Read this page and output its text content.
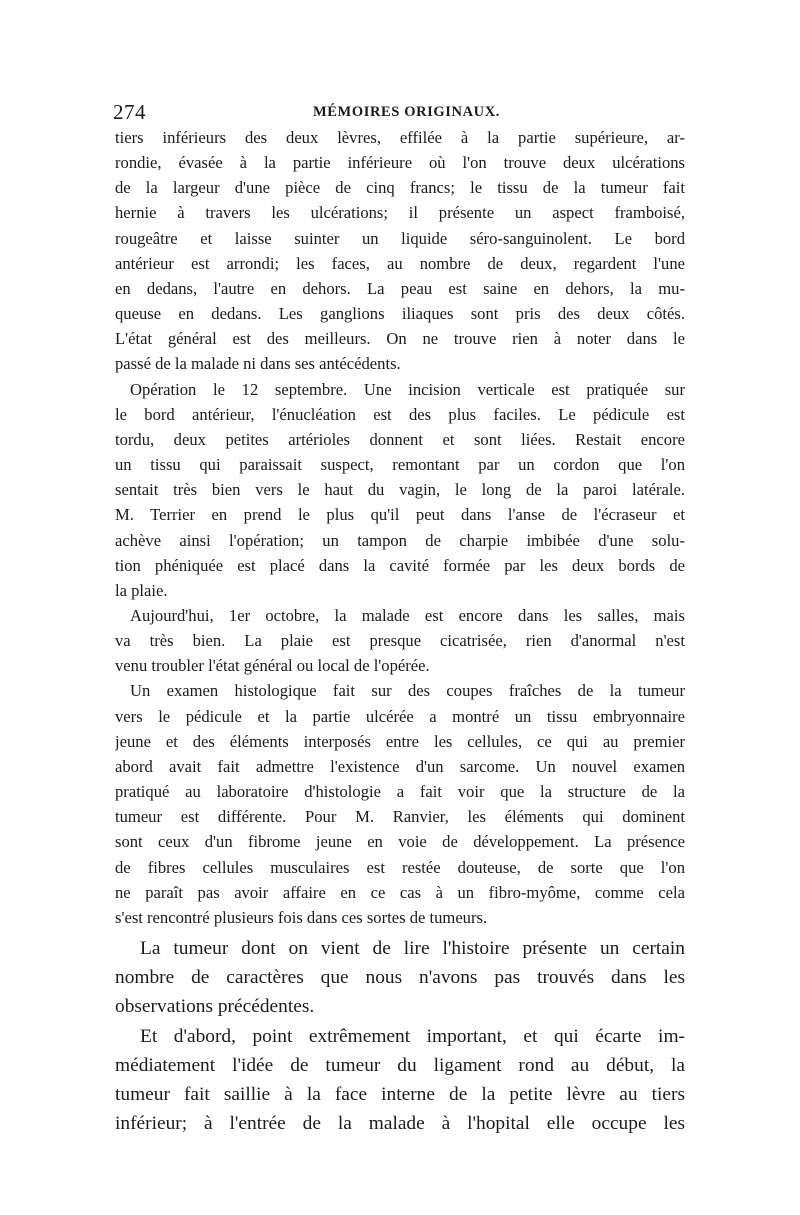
274	MÉMOIRES ORIGINAUX.
tiers inférieurs des deux lèvres, effilée à la partie supérieure, ar-
rondie, évasée à la partie inférieure où l'on trouve deux ulcérations
de la largeur d'une pièce de cinq francs; le tissu de la tumeur fait
hernie à travers les ulcérations; il présente un aspect framboisé,
rougeâtre et laisse suinter un liquide séro-sanguinolent. Le bord
antérieur est arrondi; les faces, au nombre de deux, regardent l'une
en dedans, l'autre en dehors. La peau est saine en dehors, la mu-
queuse en dedans. Les ganglions iliaques sont pris des deux côtés.
L'état général est des meilleurs. On ne trouve rien à noter dans le
passé de la malade ni dans ses antécédents.
Opération le 12 septembre. Une incision verticale est pratiquée sur
le bord antérieur, l'énucléation est des plus faciles. Le pédicule est
tordu, deux petites artérioles donnent et sont liées. Restait encore
un tissu qui paraissait suspect, remontant par un cordon que l'on
sentait très bien vers le haut du vagin, le long de la paroi latérale.
M. Terrier en prend le plus qu'il peut dans l'anse de l'écraseur et
achève ainsi l'opération; un tampon de charpie imbibée d'une solu-
tion phéniquée est placé dans la cavité formée par les deux bords de
la plaie.
Aujourd'hui, 1er octobre, la malade est encore dans les salles, mais
va très bien. La plaie est presque cicatrisée, rien d'anormal n'est
venu troubler l'état général ou local de l'opérée.
Un examen histologique fait sur des coupes fraîches de la tumeur
vers le pédicule et la partie ulcérée a montré un tissu embryonnaire
jeune et des éléments interposés entre les cellules, ce qui au premier
abord avait fait admettre l'existence d'un sarcome. Un nouvel examen
pratiqué au laboratoire d'histologie a fait voir que la structure de la
tumeur est différente. Pour M. Ranvier, les éléments qui dominent
sont ceux d'un fibrome jeune en voie de développement. La présence
de fibres cellules musculaires est restée douteuse, de sorte que l'on
ne paraît pas avoir affaire en ce cas à un fibro-myôme, comme cela
s'est rencontré plusieurs fois dans ces sortes de tumeurs.
La tumeur dont on vient de lire l'histoire présente un certain
nombre de caractères que nous n'avons pas trouvés dans les
observations précédentes.
Et d'abord, point extrêmement important, et qui écarte im-
médiatement l'idée de tumeur du ligament rond au début, la
tumeur fait saillie à la face interne de la petite lèvre au tiers
inférieur; à l'entrée de la malade à l'hopital elle occupe les
